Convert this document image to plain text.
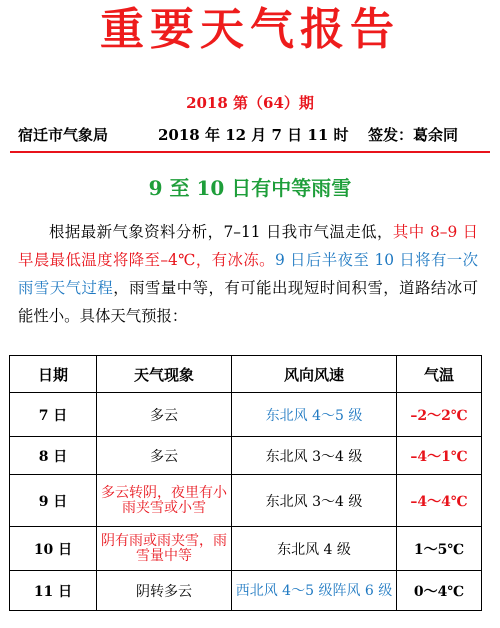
重要天气报告
2018 第（64）期
宿迁市气象局	2018 年 12 月 7 日 11 时 签发：葛余同
9 至 10 日有中等雨雪
根据最新气象资料分析，7–11 日我市气温走低，其中 8–9 日早晨最低温度将降至–4℃，有冰冻。9 日后半夜至 10 日将有一次雨雪天气过程，雨雪量中等，有可能出现短时间积雪，道路结冰可能性小。具体天气预报：
日期	天气现象	风向风速	气温
7 日	多云	东北风 4～5 级	–2～2℃
8 日	多云	东北风 3～4 级	–4～1℃
9 日	多云转阴，夜里有小雨夹雪或小雪	东北风 3～4 级	–4～4℃
10 日	阴有雨或雨夹雪，雨雪量中等	东北风 4 级	1～5℃
11 日	阴转多云	西北风 4～5 级阵风 6 级	0～4℃
